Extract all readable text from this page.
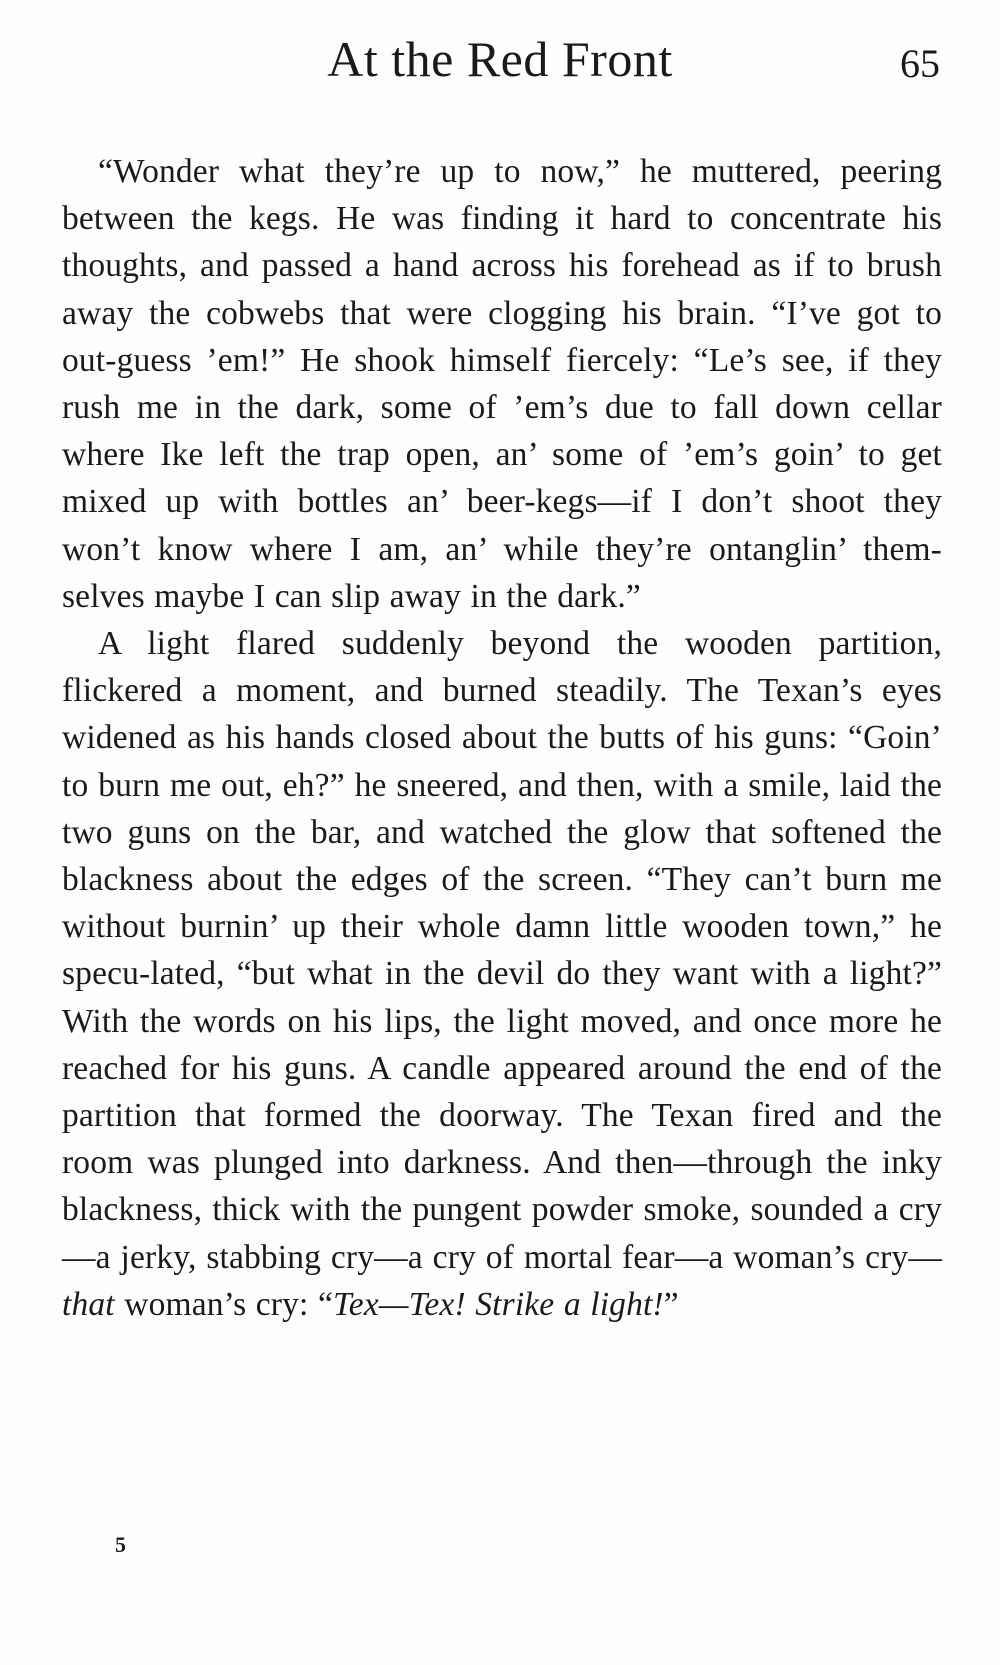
At the Red Front	65

“Wonder what they’re up to now,” he muttered, peering between the kegs. He was finding it hard to concentrate his thoughts, and passed a hand across his forehead as if to brush away the cobwebs that were clogging his brain. “I’ve got to out-guess ’em!” He shook himself fiercely: “Le’s see, if they rush me in the dark, some of ’em’s due to fall down cellar where Ike left the trap open, an’ some of ’em’s goin’ to get mixed up with bottles an’ beer-kegs—if I don’t shoot they won’t know where I am, an’ while they’re ontanglin’ them-selves maybe I can slip away in the dark.”

A light flared suddenly beyond the wooden partition, flickered a moment, and burned steadily. The Texan’s eyes widened as his hands closed about the butts of his guns: “Goin’ to burn me out, eh?” he sneered, and then, with a smile, laid the two guns on the bar, and watched the glow that softened the blackness about the edges of the screen. “They can’t burn me without burnin’ up their whole damn little wooden town,” he specu-lated, “but what in the devil do they want with a light?” With the words on his lips, the light moved, and once more he reached for his guns. A candle appeared around the end of the partition that formed the doorway. The Texan fired and the room was plunged into darkness. And then—through the inky blackness, thick with the pungent powder smoke, sounded a cry—a jerky, stabbing cry—a cry of mortal fear—a woman’s cry—that woman’s cry: “Tex—Tex! Strike a light!”

5
